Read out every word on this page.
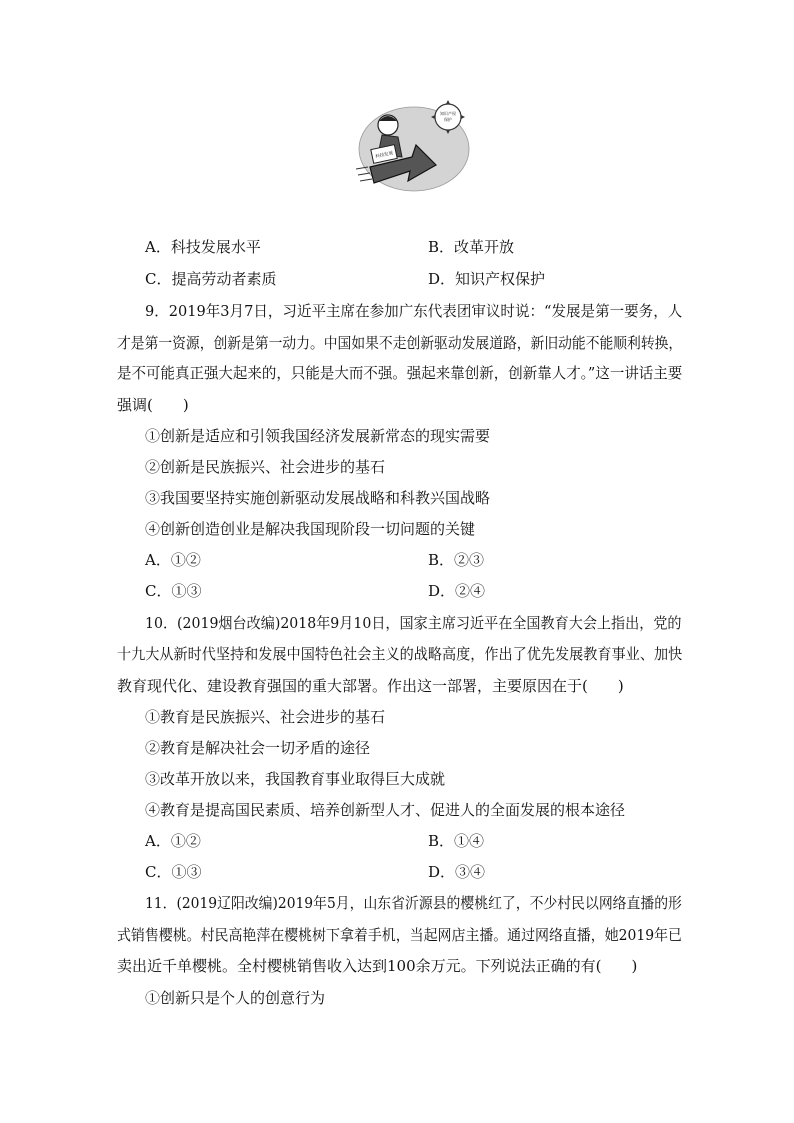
知识产权
保护
科技发展
A．科技发展水平	B．改革开放
C．提高劳动者素质	D．知识产权保护
9．2019年3月7日，习近平主席在参加广东代表团审议时说：“发展是第一要务，人
才是第一资源，创新是第一动力。中国如果不走创新驱动发展道路，新旧动能不能顺利转换，
是不可能真正强大起来的，只能是大而不强。强起来靠创新，创新靠人才。”这一讲话主要
强调(　　)
①创新是适应和引领我国经济发展新常态的现实需要
②创新是民族振兴、社会进步的基石
③我国要坚持实施创新驱动发展战略和科教兴国战略
④创新创造创业是解决我国现阶段一切问题的关键
A．①②	B．②③
C．①③	D．②④
10．(2019烟台改编)2018年9月10日，国家主席习近平在全国教育大会上指出，党的
十九大从新时代坚持和发展中国特色社会主义的战略高度，作出了优先发展教育事业、加快
教育现代化、建设教育强国的重大部署。作出这一部署，主要原因在于(　　)
①教育是民族振兴、社会进步的基石
②教育是解决社会一切矛盾的途径
③改革开放以来，我国教育事业取得巨大成就
④教育是提高国民素质、培养创新型人才、促进人的全面发展的根本途径
A．①②	B．①④
C．①③	D．③④
11．(2019辽阳改编)2019年5月，山东省沂源县的樱桃红了，不少村民以网络直播的形
式销售樱桃。村民高艳萍在樱桃树下拿着手机，当起网店主播。通过网络直播，她2019年已
卖出近千单樱桃。全村樱桃销售收入达到100余万元。下列说法正确的有(　　)
①创新只是个人的创意行为
